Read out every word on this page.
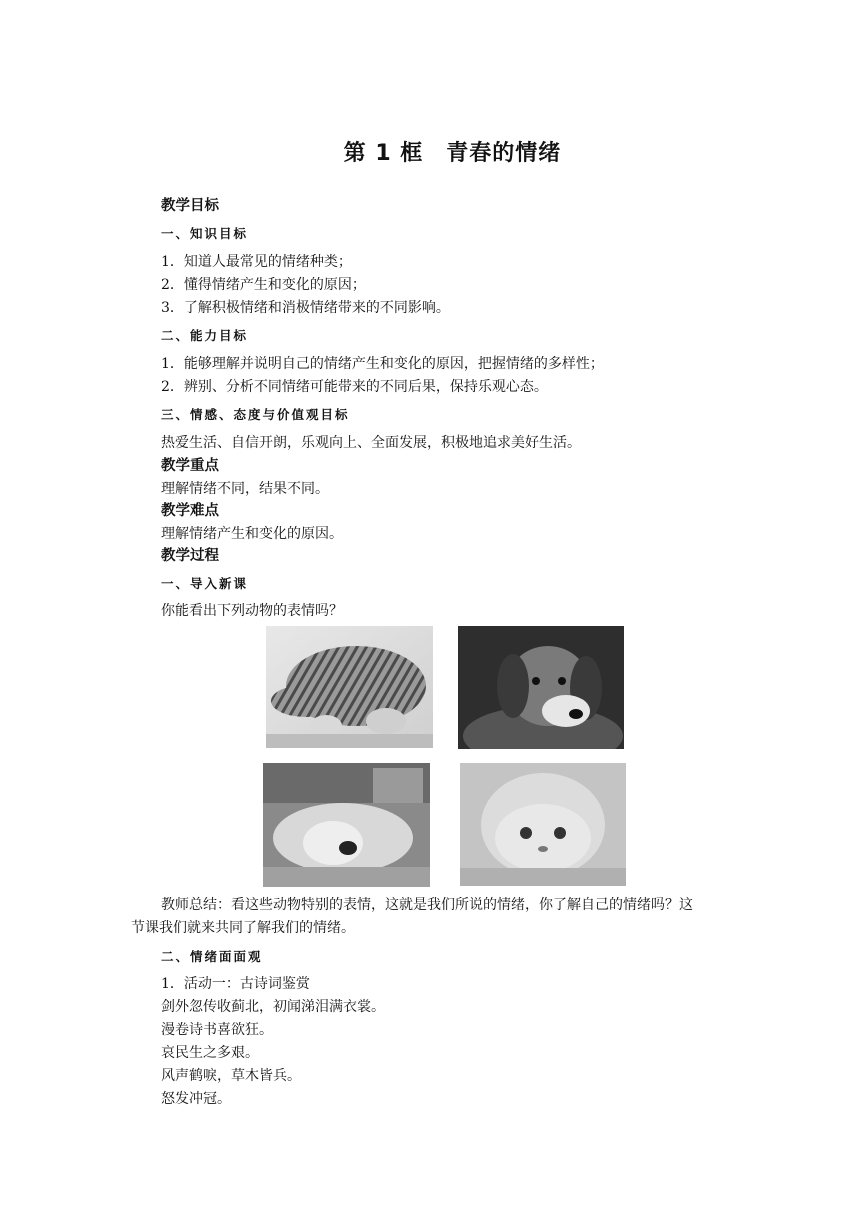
第 1 框　青春的情绪
教学目标
一、知识目标
1．知道人最常见的情绪种类；
2．懂得情绪产生和变化的原因；
3．了解积极情绪和消极情绪带来的不同影响。
二、能力目标
1．能够理解并说明自己的情绪产生和变化的原因，把握情绪的多样性；
2．辨别、分析不同情绪可能带来的不同后果，保持乐观心态。
三、情感、态度与价值观目标
热爱生活、自信开朗，乐观向上、全面发展，积极地追求美好生活。
教学重点
理解情绪不同，结果不同。
教学难点
理解情绪产生和变化的原因。
教学过程
一、导入新课
你能看出下列动物的表情吗？
教师总结：看这些动物特别的表情，这就是我们所说的情绪，你了解自己的情绪吗？这
节课我们就来共同了解我们的情绪。
二、情绪面面观
1．活动一：古诗词鉴赏
剑外忽传收蓟北，初闻涕泪满衣裳。
漫卷诗书喜欲狂。
哀民生之多艰。
风声鹤唳，草木皆兵。
怒发冲冠。
